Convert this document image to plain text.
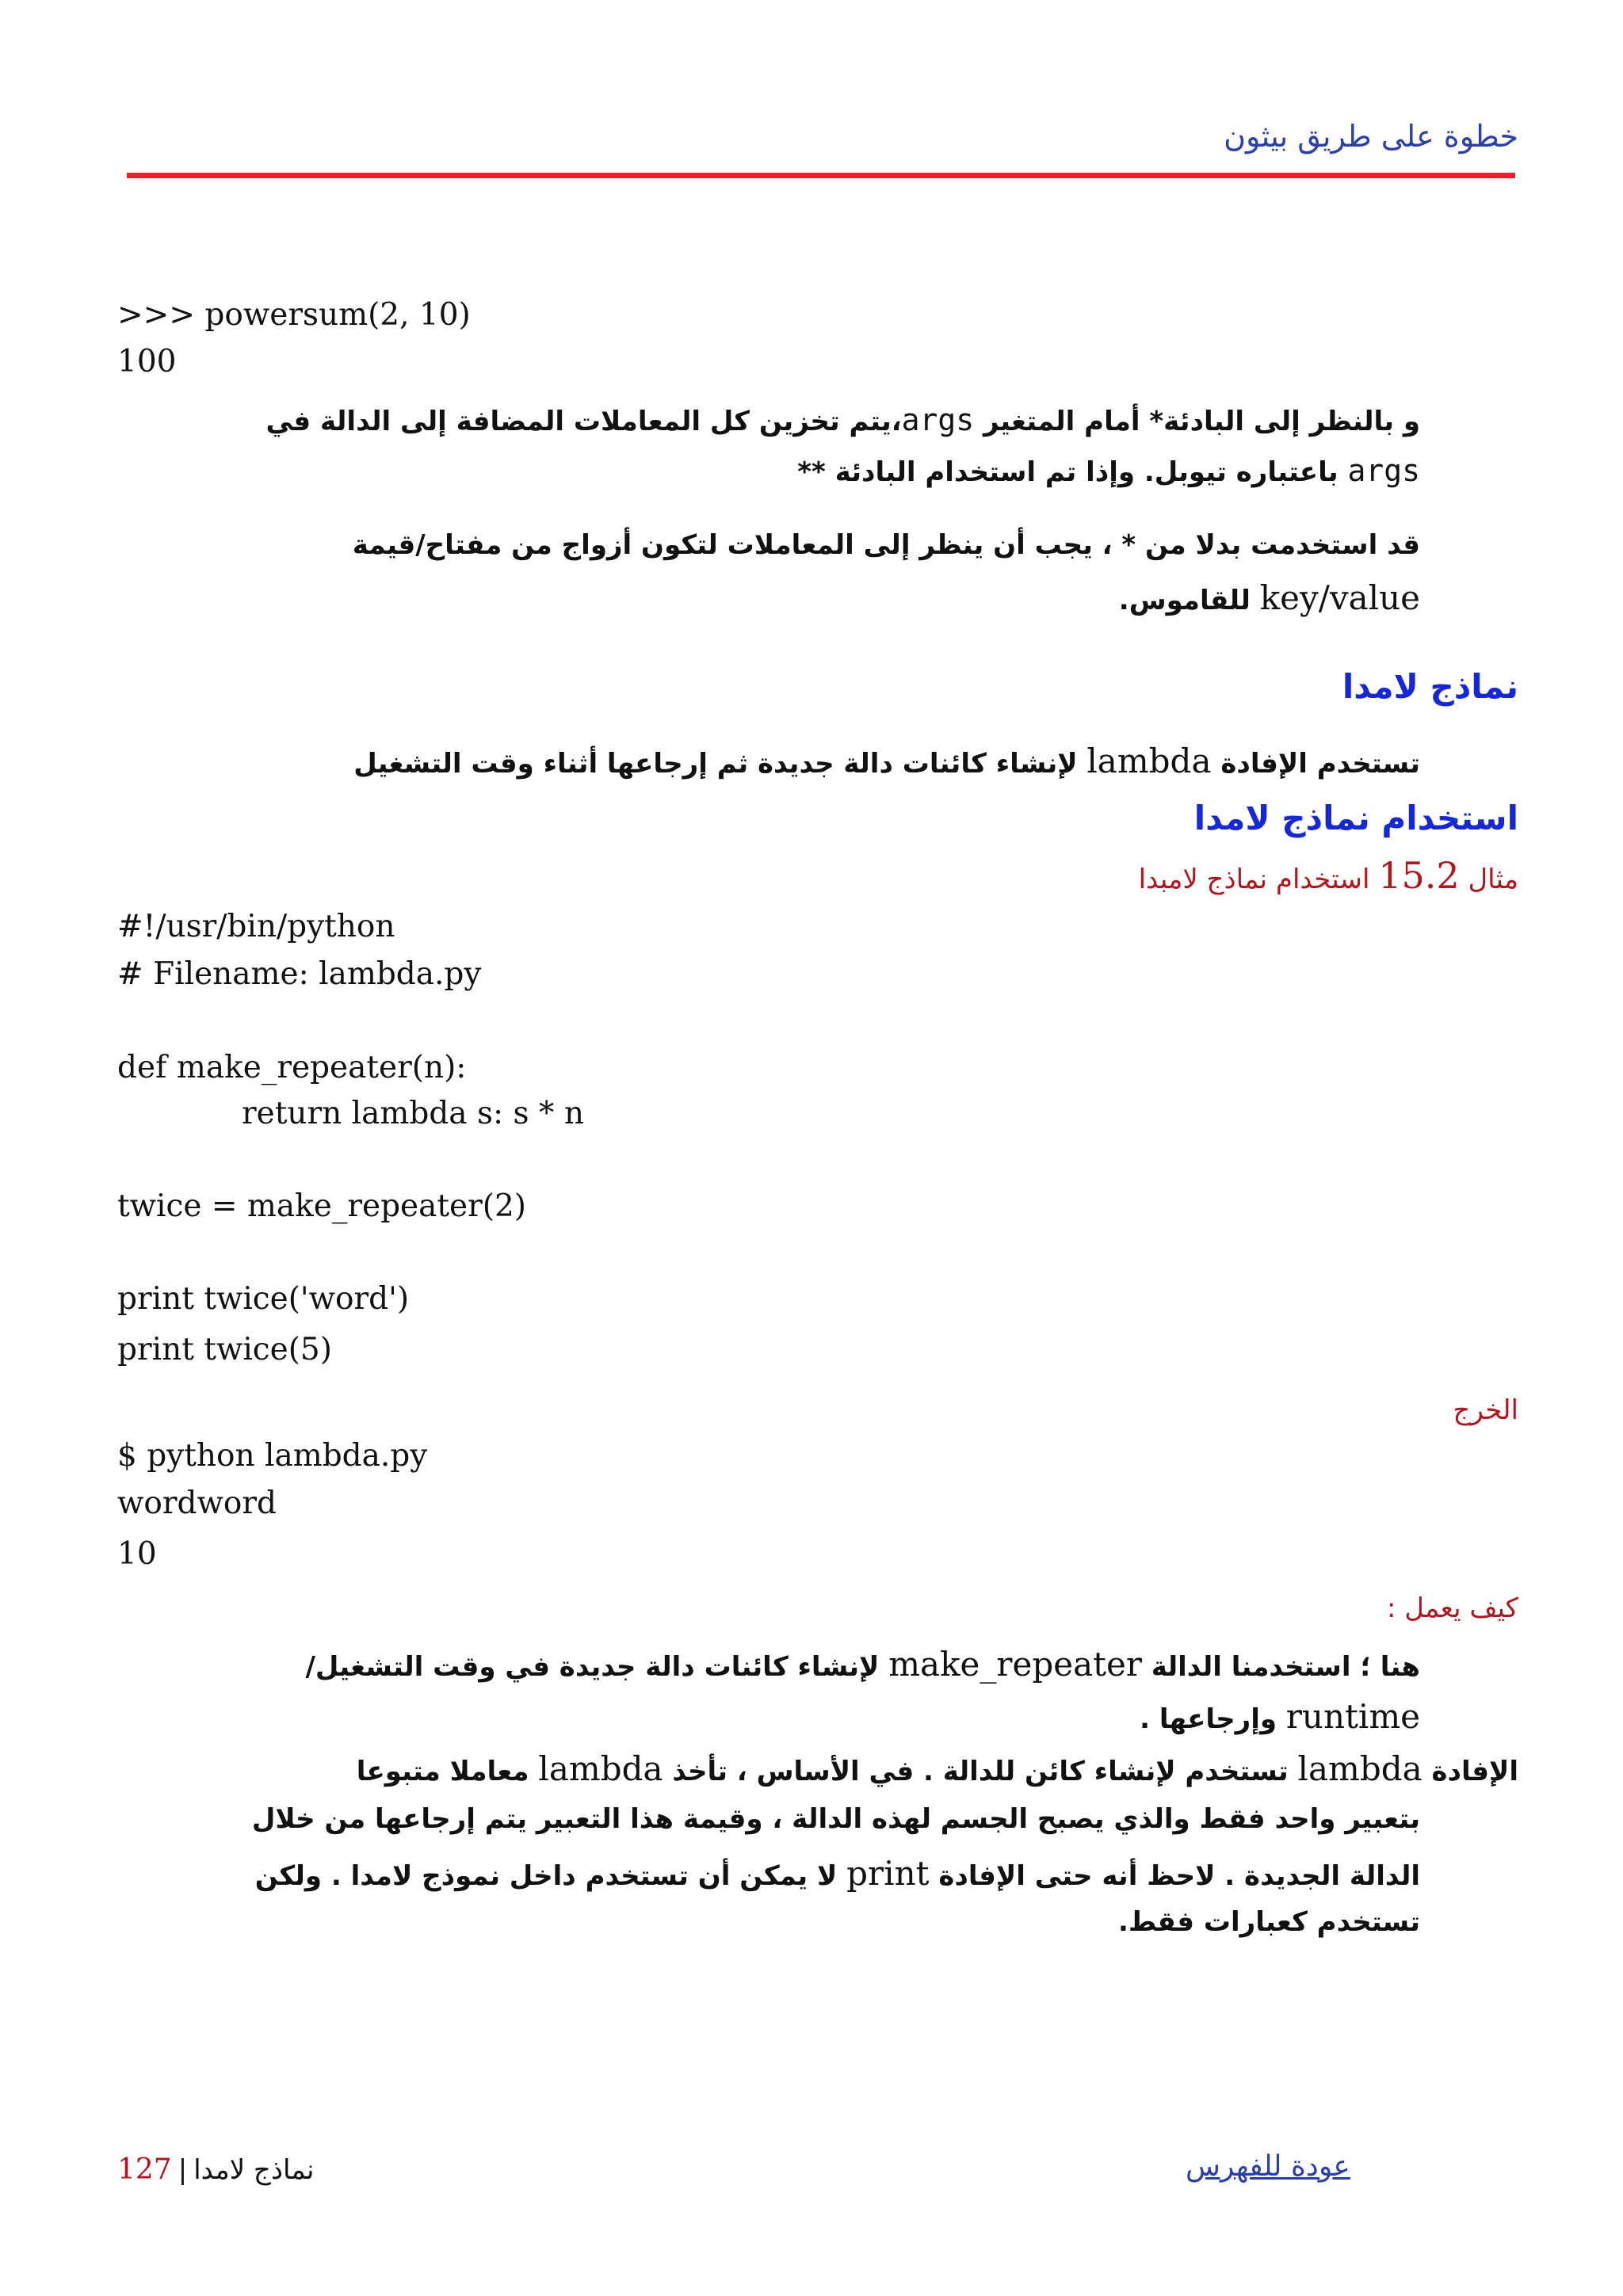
خطوة على طريق بيثون
>>> powersum(2, 10)
100
و بالنظر إلى البادئة* أمام المتغير args،يتم تخزين كل المعاملات المضافة إلى الدالة في
args باعتباره تيوبل. وإذا تم استخدام البادئة **
قد استخدمت بدلا من * ، يجب أن ينظر إلى المعاملات لتكون أزواج من مفتاح/قيمة
key/value للقاموس.
نماذج لامدا
تستخدم الإفادة lambda لإنشاء كائنات دالة جديدة ثم إرجاعها أثناء وقت التشغيل
استخدام نماذج لامدا
مثال 15.2 استخدام نماذج لامبدا
#!/usr/bin/python
# Filename: lambda.py
def make_repeater(n):
return lambda s: s * n
twice = make_repeater(2)
print twice('word')
print twice(5)
الخرج
$ python lambda.py
wordword
10
كيف يعمل :
هنا ؛ استخدمنا الدالة make_repeater لإنشاء كائنات دالة جديدة في وقت التشغيل/
runtime وإرجاعها .
الإفادة lambda تستخدم لإنشاء كائن للدالة . في الأساس ، تأخذ lambda معاملا متبوعا
بتعبير واحد فقط والذي يصبح الجسم لهذه الدالة ، وقيمة هذا التعبير يتم إرجاعها من خلال
الدالة الجديدة . لاحظ أنه حتى الإفادة print لا يمكن أن تستخدم داخل نموذج لامدا . ولكن
تستخدم كعبارات فقط.
127 | نماذج لامدا	عودة للفهرس
